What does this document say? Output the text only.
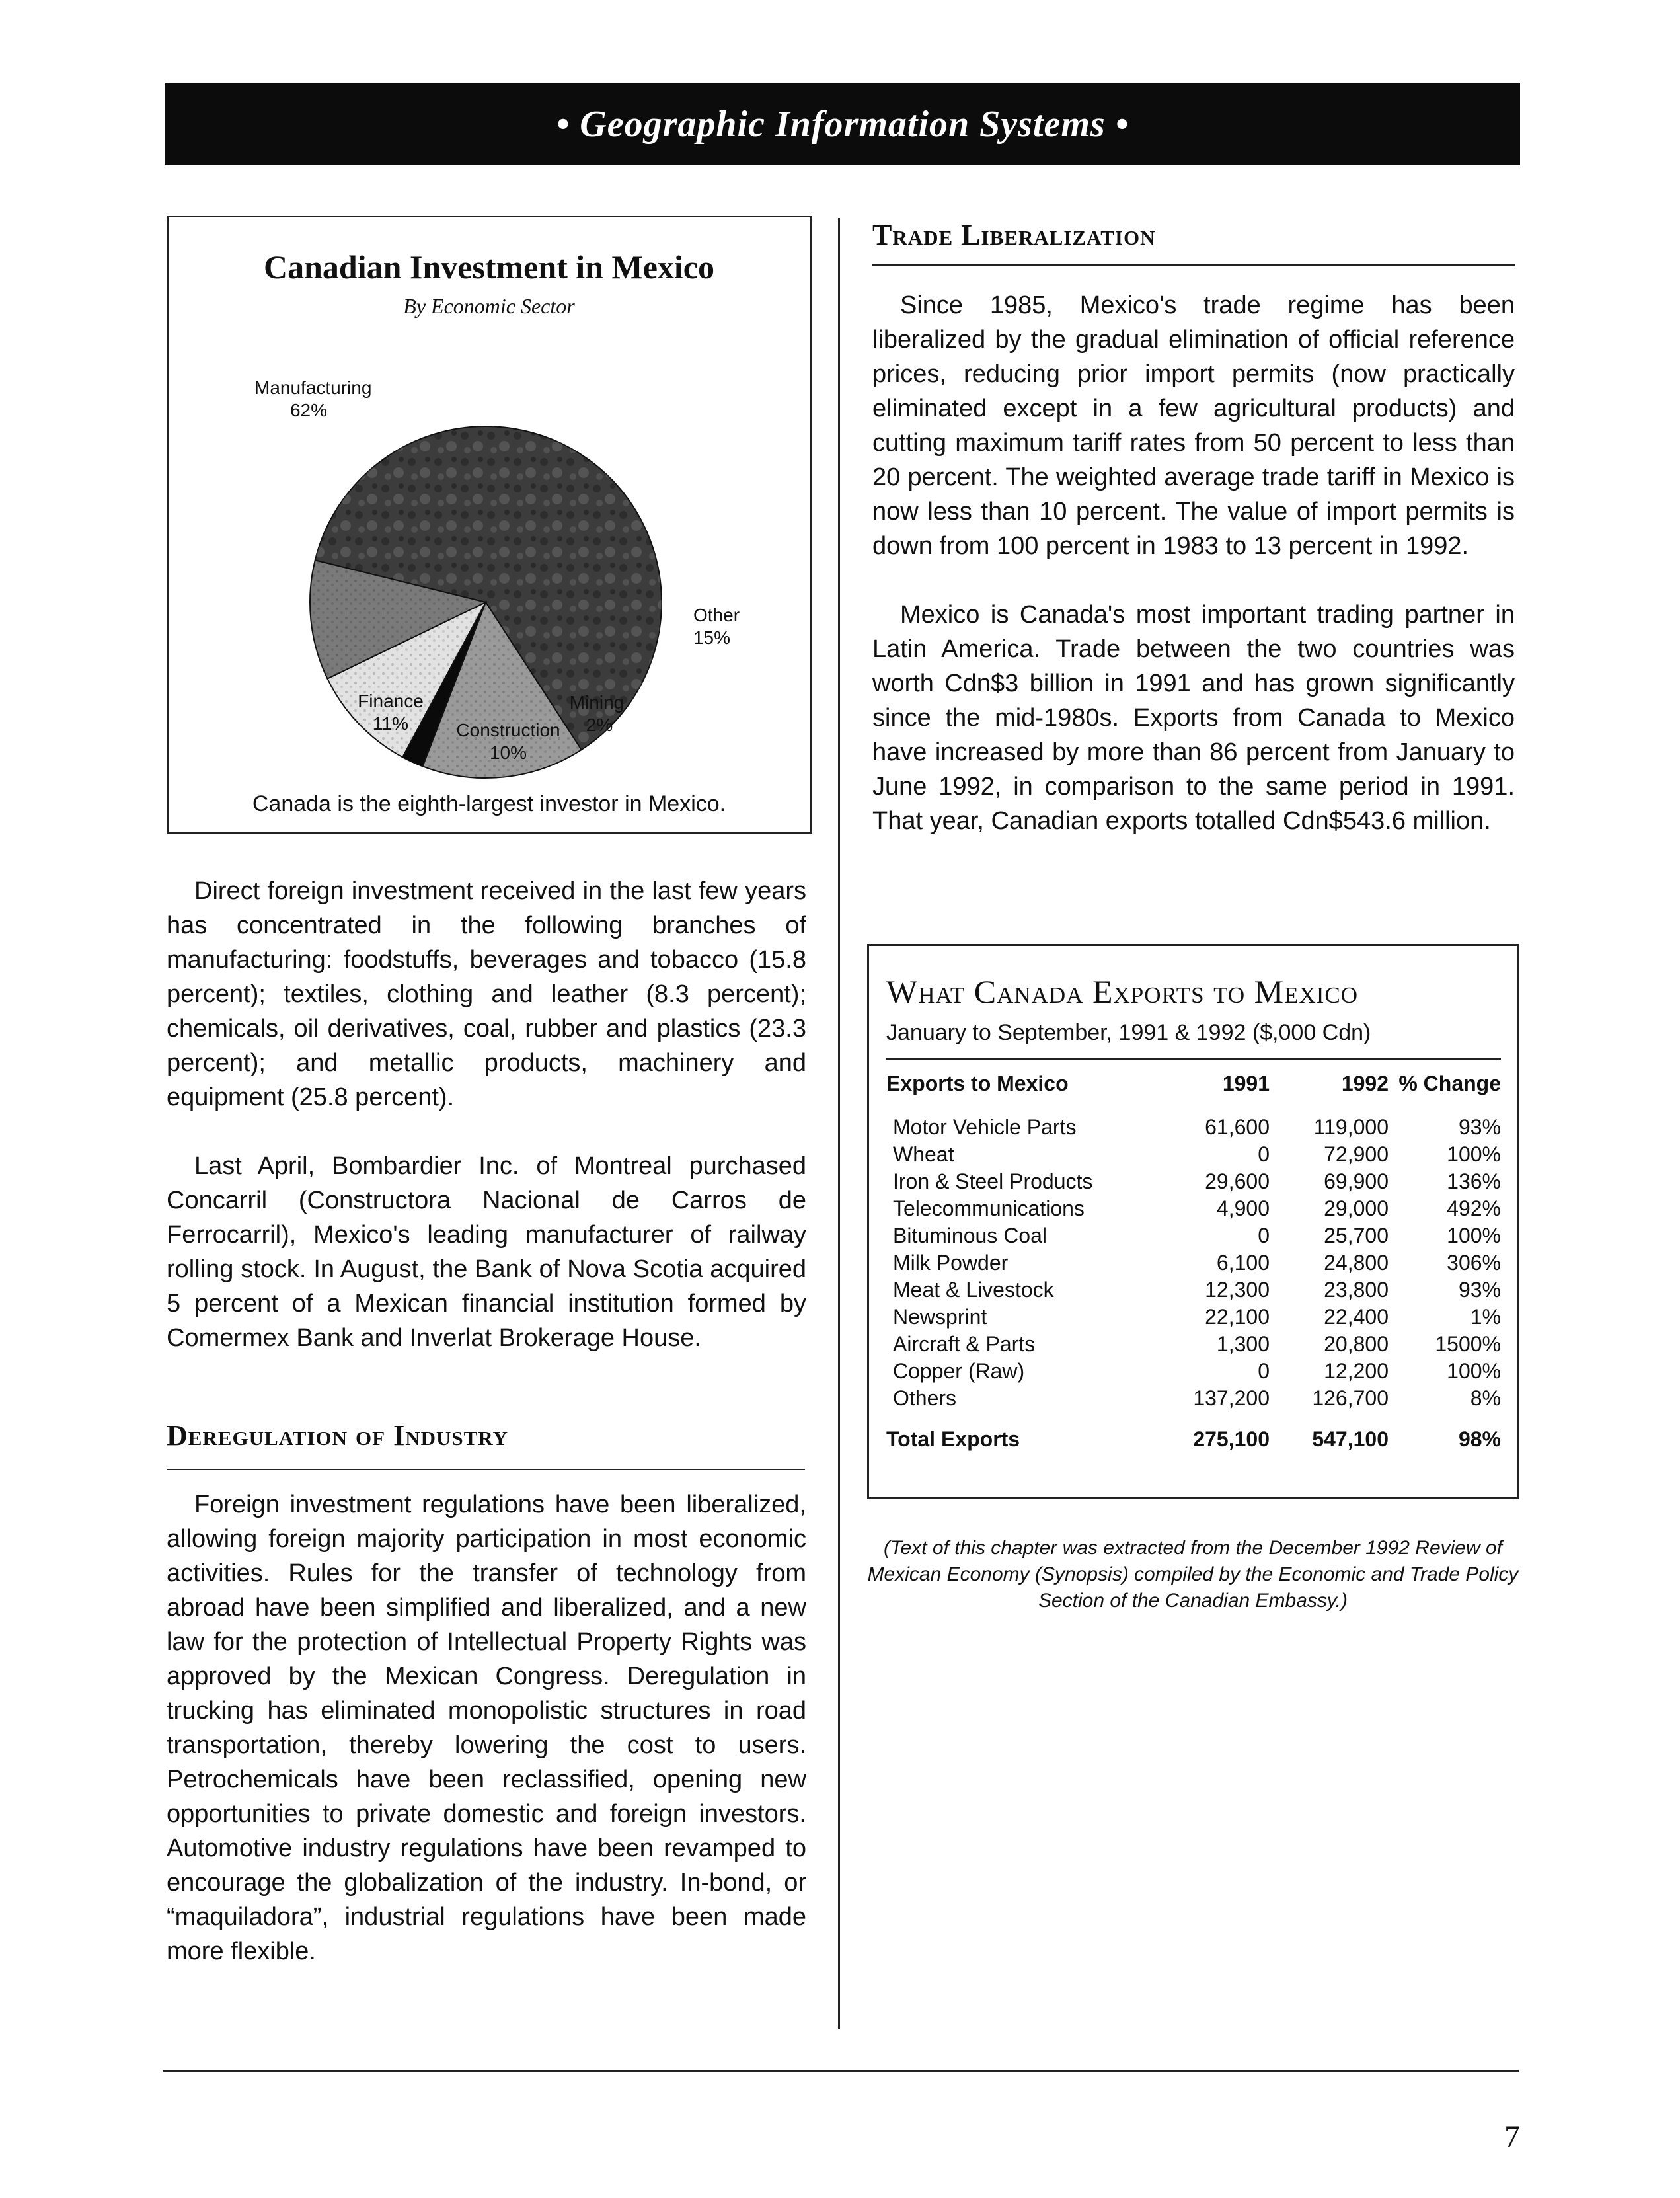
• Geographic Information Systems •
Canadian Investment in Mexico
By Economic Sector
Manufacturing
62%
Other
15%
Finance
11%	Construction
10%
Mining
2%
Canada is the eighth-largest investor in Mexico.

Direct foreign investment received in the last few years has concentrated in the following branches of manufacturing: foodstuffs, beverages and tobacco (15.8 percent); textiles, clothing and leather (8.3 percent); chemicals, oil derivatives, coal, rubber and plastics (23.3 percent); and metallic products, machinery and equipment (25.8 percent).

Last April, Bombardier Inc. of Montreal purchased Concarril (Constructora Nacional de Carros de Ferrocarril), Mexico's leading manufacturer of railway rolling stock. In August, the Bank of Nova Scotia acquired 5 percent of a Mexican financial institution formed by Comermex Bank and Inverlat Brokerage House.

Deregulation of Industry

Foreign investment regulations have been liberalized, allowing foreign majority participation in most economic activities. Rules for the transfer of technology from abroad have been simplified and liberalized, and a new law for the protection of Intellectual Property Rights was approved by the Mexican Congress. Deregulation in trucking has eliminated monopolistic structures in road transportation, thereby lowering the cost to users. Petrochemicals have been reclassified, opening new opportunities to private domestic and foreign investors. Automotive industry regulations have been revamped to encourage the globalization of the industry. In-bond, or “maquiladora”, industrial regulations have been made more flexible.

Trade Liberalization

Since 1985, Mexico's trade regime has been liberalized by the gradual elimination of official reference prices, reducing prior import permits (now practically eliminated except in a few agricultural products) and cutting maximum tariff rates from 50 percent to less than 20 percent. The weighted average trade tariff in Mexico is now less than 10 percent. The value of import permits is down from 100 percent in 1983 to 13 percent in 1992.

Mexico is Canada's most important trading partner in Latin America. Trade between the two countries was worth Cdn$3 billion in 1991 and has grown significantly since the mid-1980s. Exports from Canada to Mexico have increased by more than 86 percent from January to June 1992, in comparison to the same period in 1991. That year, Canadian exports totalled Cdn$543.6 million.

What Canada Exports to Mexico
January to September, 1991 & 1992 ($,000 Cdn)
Exports to Mexico	1991	1992	% Change

Motor Vehicle Parts	61,600	119,000	93%
Wheat	0	72,900	100%
Iron & Steel Products	29,600	69,900	136%
Telecommunications	4,900	29,000	492%
Bituminous Coal	0	25,700	100%
Milk Powder	6,100	24,800	306%
Meat & Livestock	12,300	23,800	93%
Newsprint	22,100	22,400	1%
Aircraft & Parts	1,300	20,800	1500%
Copper (Raw)	0	12,200	100%
Others	137,200	126,700	8%
Total Exports	275,100	547,100	98%
(Text of this chapter was extracted from the December 1992 Review of Mexican Economy (Synopsis) compiled by the Economic and Trade Policy Section of the Canadian Embassy.)
7
